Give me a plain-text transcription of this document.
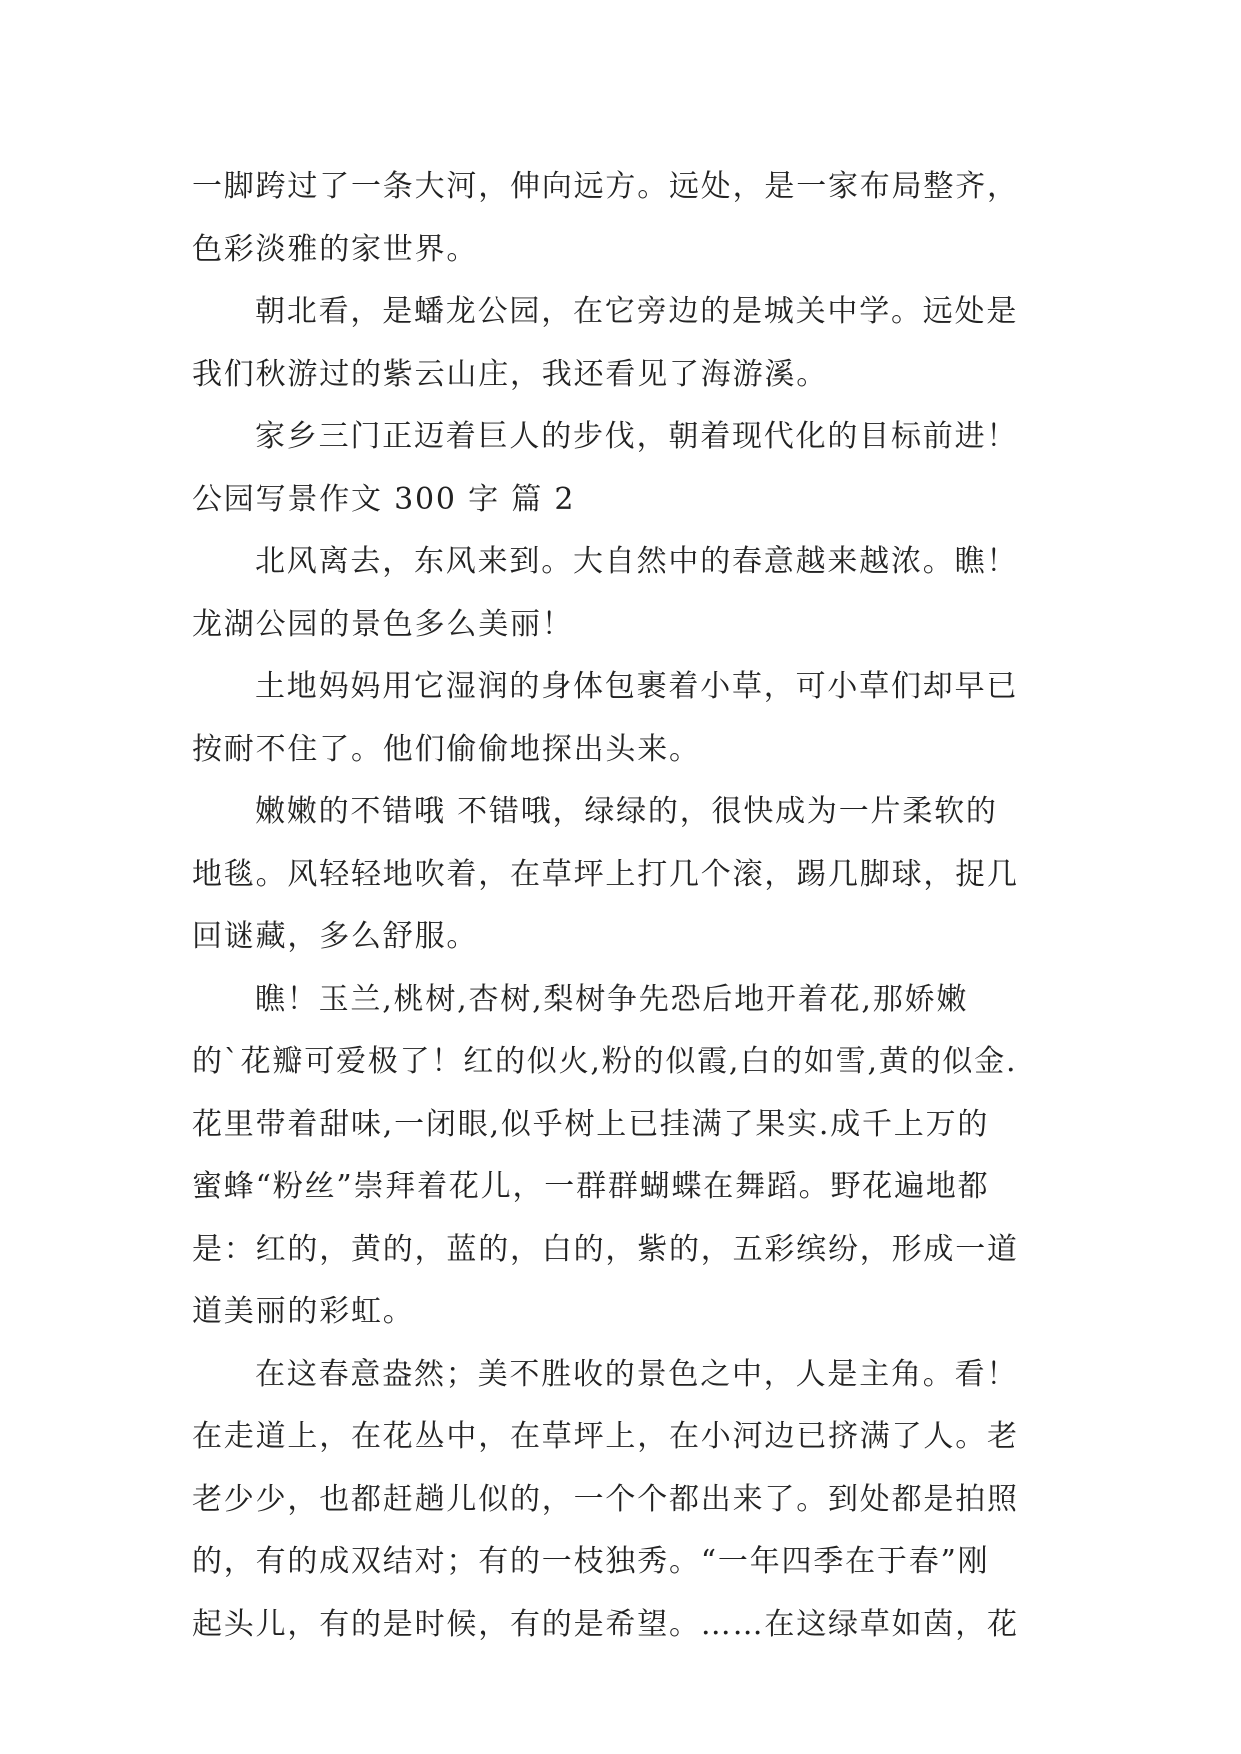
一脚跨过了一条大河，伸向远方。远处，是一家布局整齐，
色彩淡雅的家世界。
朝北看，是蟠龙公园，在它旁边的是城关中学。远处是
我们秋游过的紫云山庄，我还看见了海游溪。
家乡三门正迈着巨人的步伐，朝着现代化的目标前进！
公园写景作文 300 字 篇 2
北风离去，东风来到。大自然中的春意越来越浓。瞧！
龙湖公园的景色多么美丽！
土地妈妈用它湿润的身体包裹着小草，可小草们却早已
按耐不住了。他们偷偷地探出头来。
嫩嫩的不错哦 不错哦，绿绿的，很快成为一片柔软的
地毯。风轻轻地吹着，在草坪上打几个滚，踢几脚球，捉几
回谜藏，多么舒服。
瞧！玉兰,桃树,杏树,梨树争先恐后地开着花,那娇嫩
的`花瓣可爱极了！红的似火,粉的似霞,白的如雪,黄的似金.
花里带着甜味,一闭眼,似乎树上已挂满了果实.成千上万的
蜜蜂“粉丝”崇拜着花儿，一群群蝴蝶在舞蹈。野花遍地都
是：红的，黄的，蓝的，白的，紫的，五彩缤纷，形成一道
道美丽的彩虹。
在这春意盎然；美不胜收的景色之中，人是主角。看！
在走道上，在花丛中，在草坪上，在小河边已挤满了人。老
老少少，也都赶趟儿似的，一个个都出来了。到处都是拍照
的，有的成双结对；有的一枝独秀。“一年四季在于春”刚
起头儿，有的是时候，有的是希望。……在这绿草如茵，花
